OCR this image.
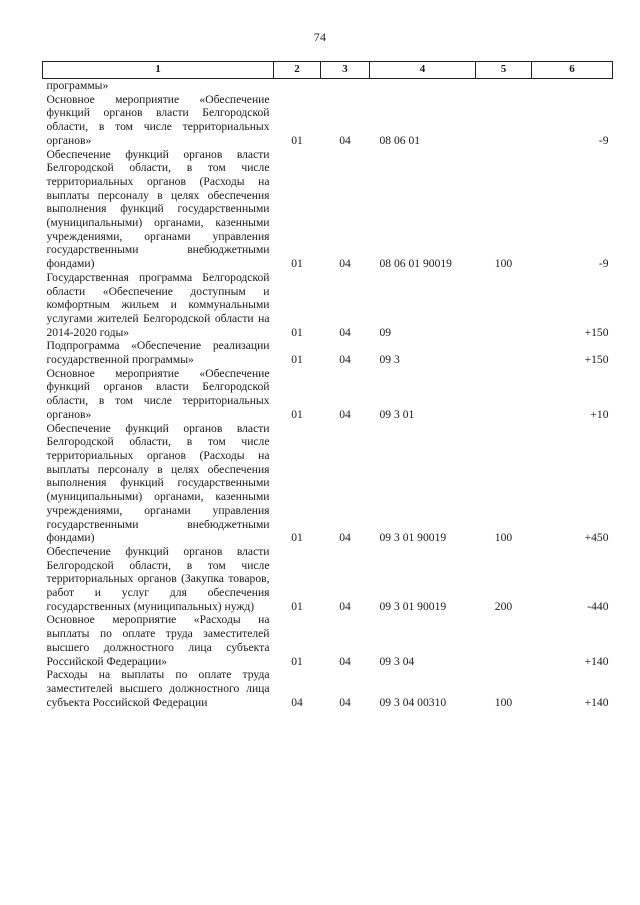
74
1	2	3	4	5	6
программы»					
Основное мероприятие «Обеспечение функций органов власти Белгородской области, в том числе территориальных органов»	01	04	08 06 01		-9
Обеспечение функций органов власти Белгородской области, в том числе территориальных органов (Расходы на выплаты персоналу в целях обеспечения выполнения функций государственными (муниципальными) органами, казенными учреждениями, органами управления государственными внебюджетными фондами)	01	04	08 06 01 90019	100	-9
Государственная программа Белгородской области «Обеспечение доступным и комфортным жильем и коммунальными услугами жителей Белгородской области на 2014-2020 годы»	01	04	09		+150
Подпрограмма «Обеспечение реализации государственной программы»	01	04	09 3		+150
Основное мероприятие «Обеспечение функций органов власти Белгородской области, в том числе территориальных органов»	01	04	09 3 01		+10
Обеспечение функций органов власти Белгородской области, в том числе территориальных органов (Расходы на выплаты персоналу в целях обеспечения выполнения функций государственными (муниципальными) органами, казенными учреждениями, органами управления государственными внебюджетными фондами)	01	04	09 3 01 90019	100	+450
Обеспечение функций органов власти Белгородской области, в том числе территориальных органов (Закупка товаров, работ и услуг для обеспечения государственных (муниципальных) нужд)	01	04	09 3 01 90019	200	-440
Основное мероприятие «Расходы на выплаты по оплате труда заместителей высшего должностного лица субъекта Российской Федерации»	01	04	09 3 04		+140
Расходы на выплаты по оплате труда заместителей высшего должностного лица субъекта Российской Федерации	04	04	09 3 04 00310	100	+140
